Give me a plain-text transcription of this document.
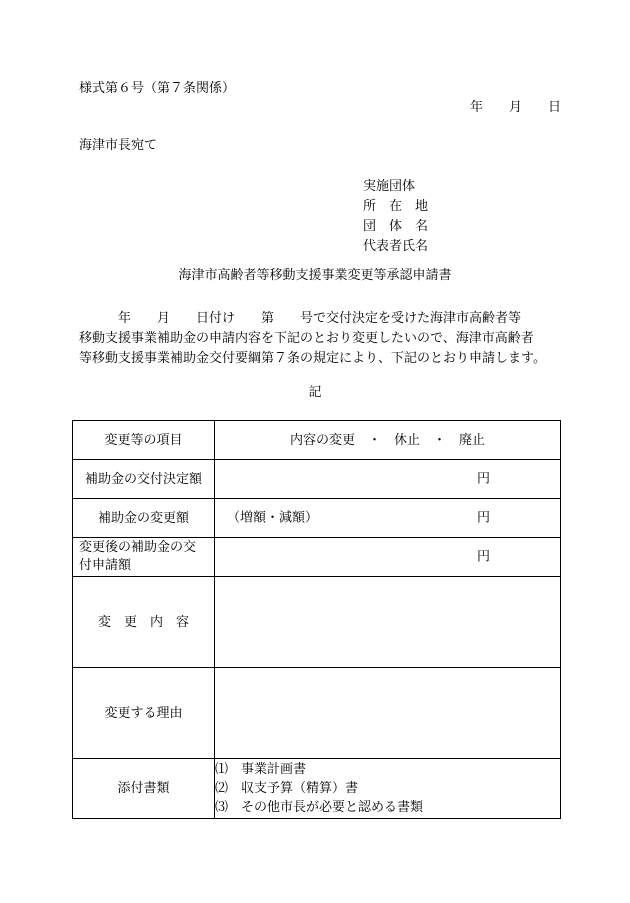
様式第６号（第７条関係）
年　　月　　日
海津市長宛て
実施団体
所　在　地
団　体　名
代表者氏名
海津市高齢者等移動支援事業変更等承認申請書
　　　年　　月　　日付け　　第　　号で交付決定を受けた海津市高齢者等
移動支援事業補助金の申請内容を下記のとおり変更したいので、海津市高齢者
等移動支援事業補助金交付要綱第７条の規定により、下記のとおり申請します。
記
変更等の項目	内容の変更　・　休止　・　廃止
補助金の交付決定額	円

補助金の変更額	（増額・減額） 円

変更後の補助金の交
付申請額	円

変　更　内　容	
変更する理由	
添付書類	⑴　事業計画書
⑵　収支予算（精算）書
⑶　その他市長が必要と認める書類
